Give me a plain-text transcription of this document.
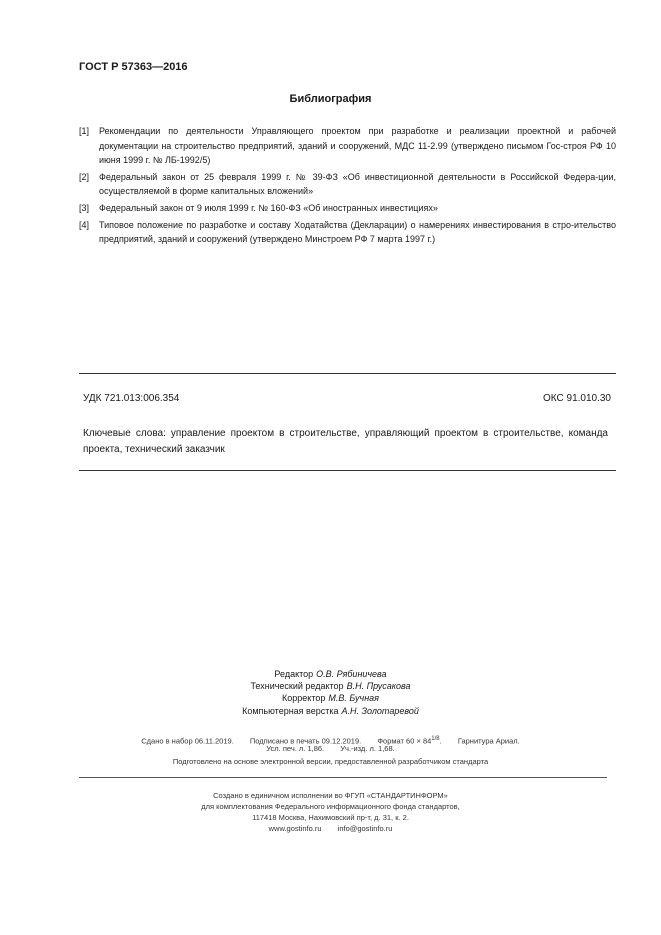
ГОСТ Р 57363—2016
Библиография
[1]	Рекомендации по деятельности Управляющего проектом при разработке и реализации проектной и рабочей документации на строительство предприятий, зданий и сооружений, МДС 11-2.99 (утверждено письмом Гос-строя РФ 10 июня 1999 г. № ЛБ-1992/5)
[2]	Федеральный закон от 25 февраля 1999 г. № 39-ФЗ «Об инвестиционной деятельности в Российской Федера-ции, осуществляемой в форме капитальных вложений»
[3]	Федеральный закон от 9 июля 1999 г. № 160-ФЗ «Об иностранных инвестициях»
[4]	Типовое положение по разработке и составу Ходатайства (Декларации) о намерениях инвестирования в стро-ительство предприятий, зданий и сооружений (утверждено Минстроем РФ 7 марта 1997 г.)
УДК 721.013:006.354	ОКС 91.010.30
Ключевые слова: управление проектом в строительстве, управляющий проектом в строительстве, команда проекта, технический заказчик
Редактор О.В. Рябиничева
Технический редактор В.Н. Прусакова
Корректор М.В. Бучная
Компьютерная верстка А.Н. Золотаревой
Сдано в набор 06.11.2019. Подписано в печать 09.12.2019. Формат $60 \times 84^{1/8}$. Гарнитура Ариал.
Усл. печ. л. 1,86. Уч.-изд. л. 1,68.
Подготовлено на основе электронной версии, предоставленной разработчиком стандарта
Создано в единичном исполнении во ФГУП «СТАНДАРТИНФОРМ»
для комплектования Федерального информационного фонда стандартов,
117418 Москва, Нахимовский пр-т, д. 31, к. 2.
www.gostinfo.ru info@gostinfo.ru
